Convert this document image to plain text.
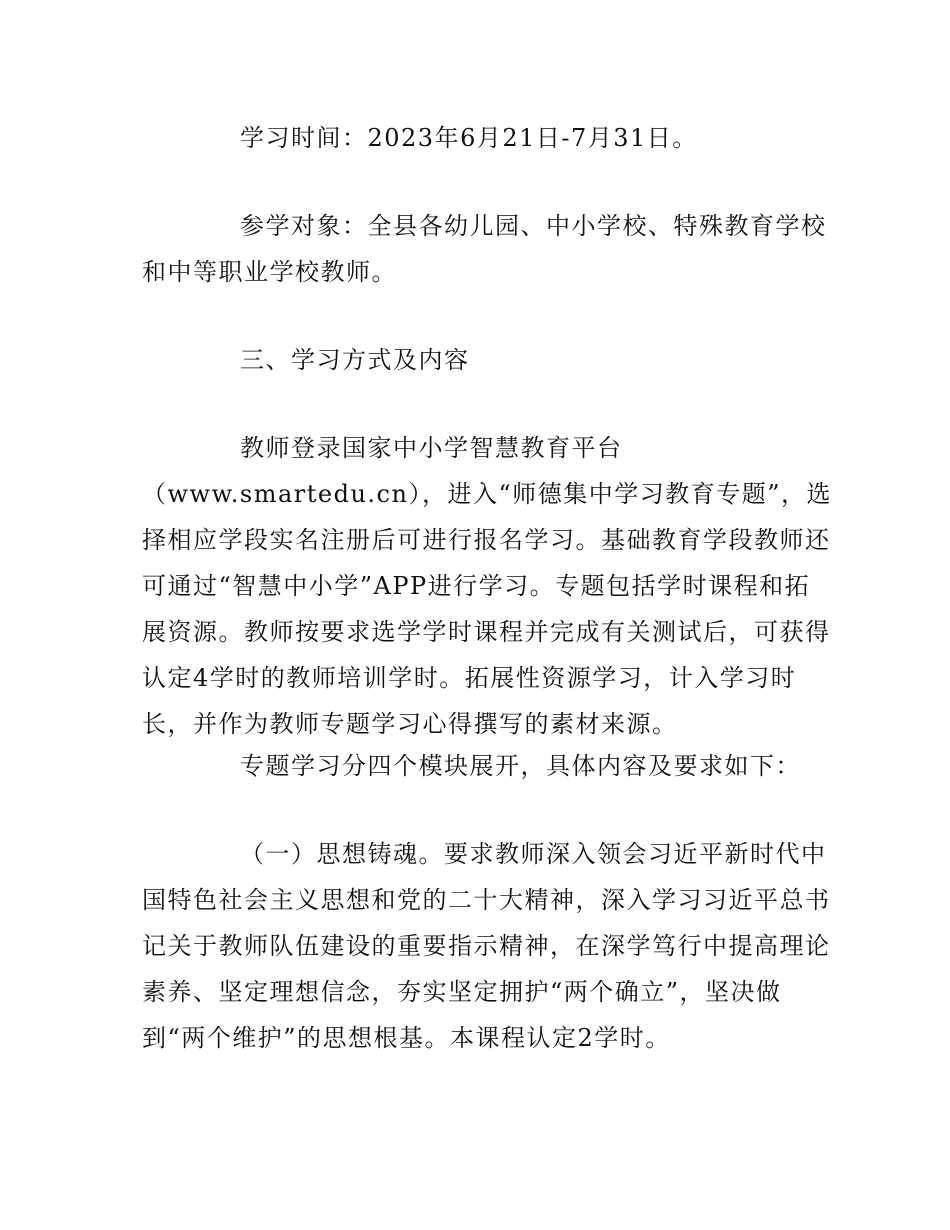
学习时间：2023年6月21日-7月31日。
参学对象：全县各幼儿园、中小学校、特殊教育学校
和中等职业学校教师。
三、学习方式及内容
教师登录国家中小学智慧教育平台
（www.smartedu.cn），进入“师德集中学习教育专题”，选
择相应学段实名注册后可进行报名学习。基础教育学段教师还
可通过“智慧中小学”APP进行学习。专题包括学时课程和拓
展资源。教师按要求选学学时课程并完成有关测试后，可获得
认定4学时的教师培训学时。拓展性资源学习，计入学习时
长，并作为教师专题学习心得撰写的素材来源。
专题学习分四个模块展开，具体内容及要求如下：
（一）思想铸魂。要求教师深入领会习近平新时代中
国特色社会主义思想和党的二十大精神，深入学习习近平总书
记关于教师队伍建设的重要指示精神，在深学笃行中提高理论
素养、坚定理想信念，夯实坚定拥护“两个确立”，坚决做
到“两个维护”的思想根基。本课程认定2学时。
